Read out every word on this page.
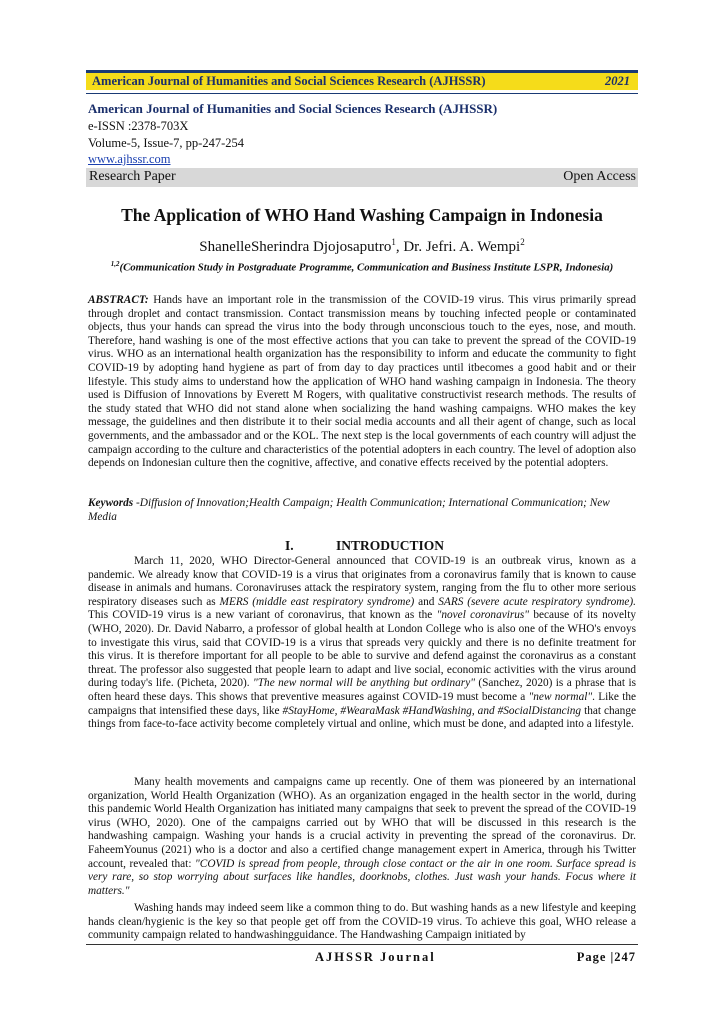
American Journal of Humanities and Social Sciences Research (AJHSSR)	2021
American Journal of Humanities and Social Sciences Research (AJHSSR)
e-ISSN :2378-703X
Volume-5, Issue-7, pp-247-254
www.ajhssr.com
Research Paper	Open Access
The Application of WHO Hand Washing Campaign in Indonesia
ShanelleSherindra Djojosaputro$^1$, Dr. Jefri. A. Wempi$^2$
$^{1,2}$(Communication Study in Postgraduate Programme, Communication and Business Institute LSPR, Indonesia)
ABSTRACT: Hands have an important role in the transmission of the COVID-19 virus. This virus primarily spread through droplet and contact transmission. Contact transmission means by touching infected people or contaminated objects, thus your hands can spread the virus into the body through unconscious touch to the eyes, nose, and mouth. Therefore, hand washing is one of the most effective actions that you can take to prevent the spread of the COVID-19 virus. WHO as an international health organization has the responsibility to inform and educate the community to fight COVID-19 by adopting hand hygiene as part of from day to day practices until itbecomes a good habit and or their lifestyle. This study aims to understand how the application of WHO hand washing campaign in Indonesia. The theory used is Diffusion of Innovations by Everett M Rogers, with qualitative constructivist research methods. The results of the study stated that WHO did not stand alone when socializing the hand washing campaigns. WHO makes the key message, the guidelines and then distribute it to their social media accounts and all their agent of change, such as local governments, and the ambassador and or the KOL. The next step is the local governments of each country will adjust the campaign according to the culture and characteristics of the potential adopters in each country. The level of adoption also depends on Indonesian culture then the cognitive, affective, and conative effects received by the potential adopters.
Keywords -Diffusion of Innovation;Health Campaign; Health Communication; International Communication; New Media
I.	INTRODUCTION
March 11, 2020, WHO Director-General announced that COVID-19 is an outbreak virus, known as a pandemic. We already know that COVID-19 is a virus that originates from a coronavirus family that is known to cause disease in animals and humans. Coronaviruses attack the respiratory system, ranging from the flu to other more serious respiratory diseases such as MERS (middle east respiratory syndrome) and SARS (severe acute respiratory syndrome). This COVID-19 virus is a new variant of coronavirus, that known as the "novel coronavirus" because of its novelty (WHO, 2020). Dr. David Nabarro, a professor of global health at London College who is also one of the WHO's envoys to investigate this virus, said that COVID-19 is a virus that spreads very quickly and there is no definite treatment for this virus. It is therefore important for all people to be able to survive and defend against the coronavirus as a constant threat. The professor also suggested that people learn to adapt and live social, economic activities with the virus around during today's life. (Picheta, 2020). "The new normal will be anything but ordinary" (Sanchez, 2020) is a phrase that is often heard these days. This shows that preventive measures against COVID-19 must become a "new normal". Like the campaigns that intensified these days, like #StayHome, #WearaMask #HandWashing, and #SocialDistancing that change things from face-to-face activity become completely virtual and online, which must be done, and adapted into a lifestyle.
Many health movements and campaigns came up recently. One of them was pioneered by an international organization, World Health Organization (WHO). As an organization engaged in the health sector in the world, during this pandemic World Health Organization has initiated many campaigns that seek to prevent the spread of the COVID-19 virus (WHO, 2020). One of the campaigns carried out by WHO that will be discussed in this research is the handwashing campaign. Washing your hands is a crucial activity in preventing the spread of the coronavirus. Dr. FaheemYounus (2021) who is a doctor and also a certified change management expert in America, through his Twitter account, revealed that: "COVID is spread from people, through close contact or the air in one room. Surface spread is very rare, so stop worrying about surfaces like handles, doorknobs, clothes. Just wash your hands. Focus where it matters."
Washing hands may indeed seem like a common thing to do. But washing hands as a new lifestyle and keeping hands clean/hygienic is the key so that people get off from the COVID-19 virus. To achieve this goal, WHO release a community campaign related to handwashingguidance. The Handwashing Campaign initiated by
AJHSSR Journal	Page |247
